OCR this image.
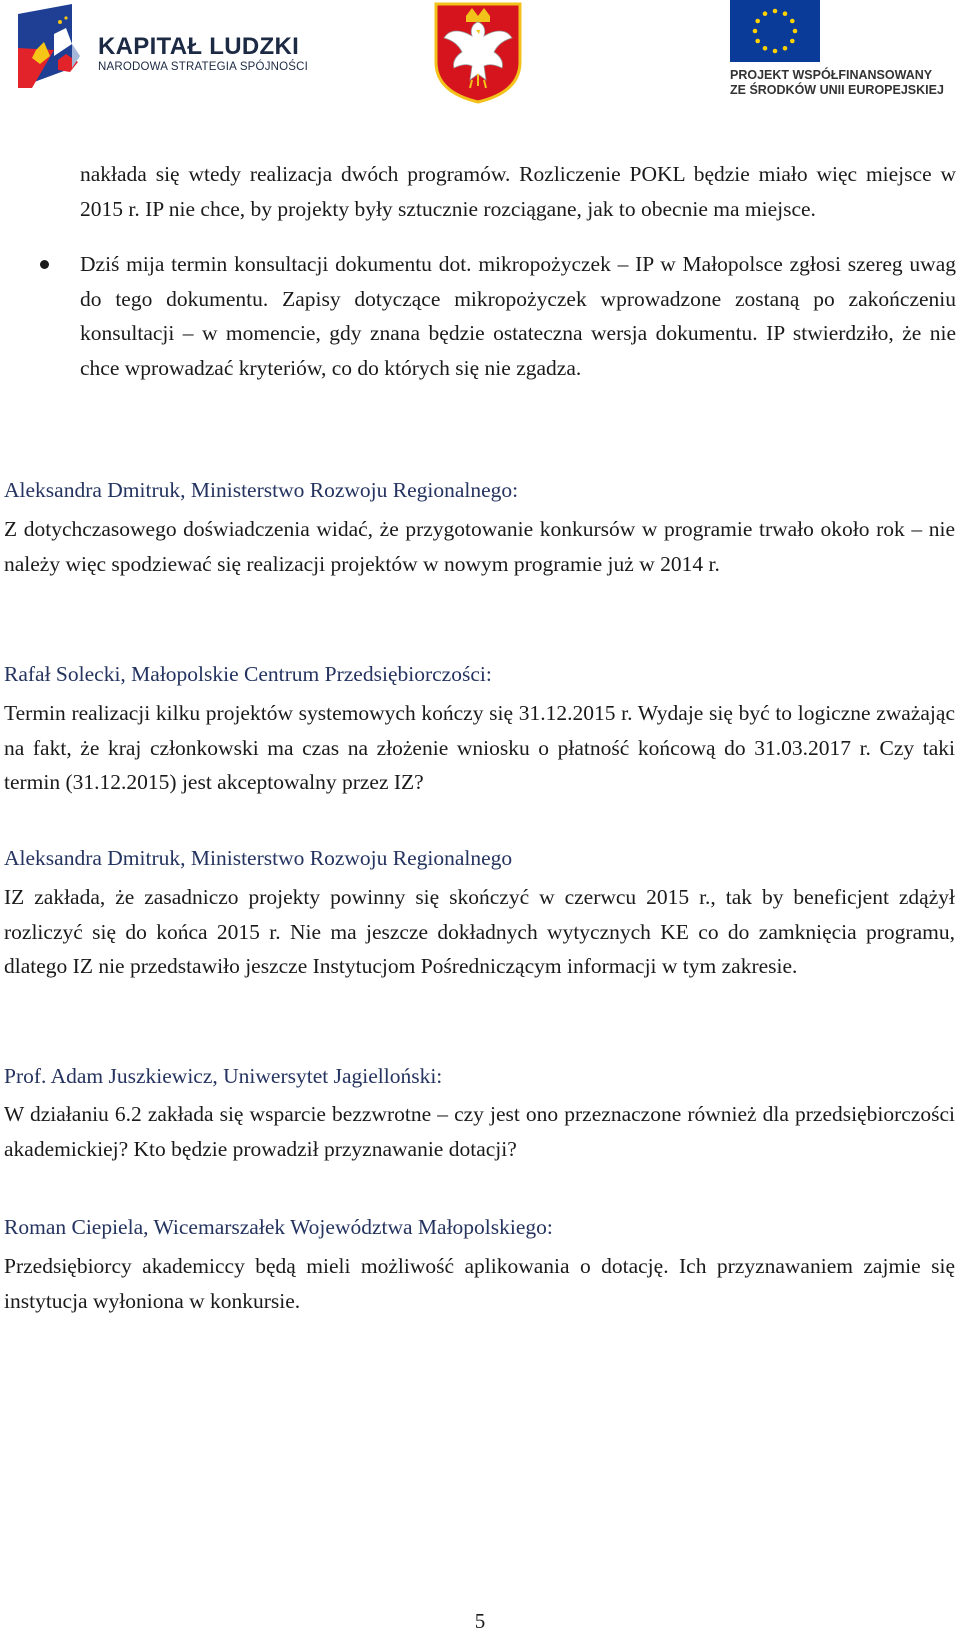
KAPITAŁ LUDZKI
NARODOWA STRATEGIA SPÓJNOŚCI
PROJEKT WSPÓŁFINANSOWANY
ZE ŚRODKÓW UNII EUROPEJSKIEJ
nakłada się wtedy realizacja dwóch programów. Rozliczenie POKL będzie miało więc miejsce w 2015 r. IP nie chce, by projekty były sztucznie rozciągane, jak to obecnie ma miejsce.
Dziś mija termin konsultacji dokumentu dot. mikropożyczek – IP w Małopolsce zgłosi szereg uwag do tego dokumentu. Zapisy dotyczące mikropożyczek wprowadzone zostaną po zakończeniu konsultacji – w momencie, gdy znana będzie ostateczna wersja dokumentu. IP stwierdziło, że nie chce wprowadzać kryteriów, co do których się nie zgadza.
Aleksandra Dmitruk, Ministerstwo Rozwoju Regionalnego:
Z dotychczasowego doświadczenia widać, że przygotowanie konkursów w programie trwało około rok – nie należy więc spodziewać się realizacji projektów w nowym programie już w 2014 r.
Rafał Solecki, Małopolskie Centrum Przedsiębiorczości:
Termin realizacji kilku projektów systemowych kończy się 31.12.2015 r. Wydaje się być to logiczne zważając na fakt, że kraj członkowski ma czas na złożenie wniosku o płatność końcową do 31.03.2017 r. Czy taki termin (31.12.2015) jest akceptowalny przez IZ?
Aleksandra Dmitruk, Ministerstwo Rozwoju Regionalnego
IZ zakłada, że zasadniczo projekty powinny się skończyć w czerwcu 2015 r., tak by beneficjent zdążył rozliczyć się do końca 2015 r. Nie ma jeszcze dokładnych wytycznych KE co do zamknięcia programu, dlatego IZ nie przedstawiło jeszcze Instytucjom Pośredniczącym informacji w tym zakresie.
Prof. Adam Juszkiewicz, Uniwersytet Jagielloński:
W działaniu 6.2 zakłada się wsparcie bezzwrotne – czy jest ono przeznaczone również dla przedsiębiorczości akademickiej? Kto będzie prowadził przyznawanie dotacji?
Roman Ciepiela, Wicemarszałek Województwa Małopolskiego:
Przedsiębiorcy akademiccy będą mieli możliwość aplikowania o dotację. Ich przyznawaniem zajmie się instytucja wyłoniona w konkursie.
5
